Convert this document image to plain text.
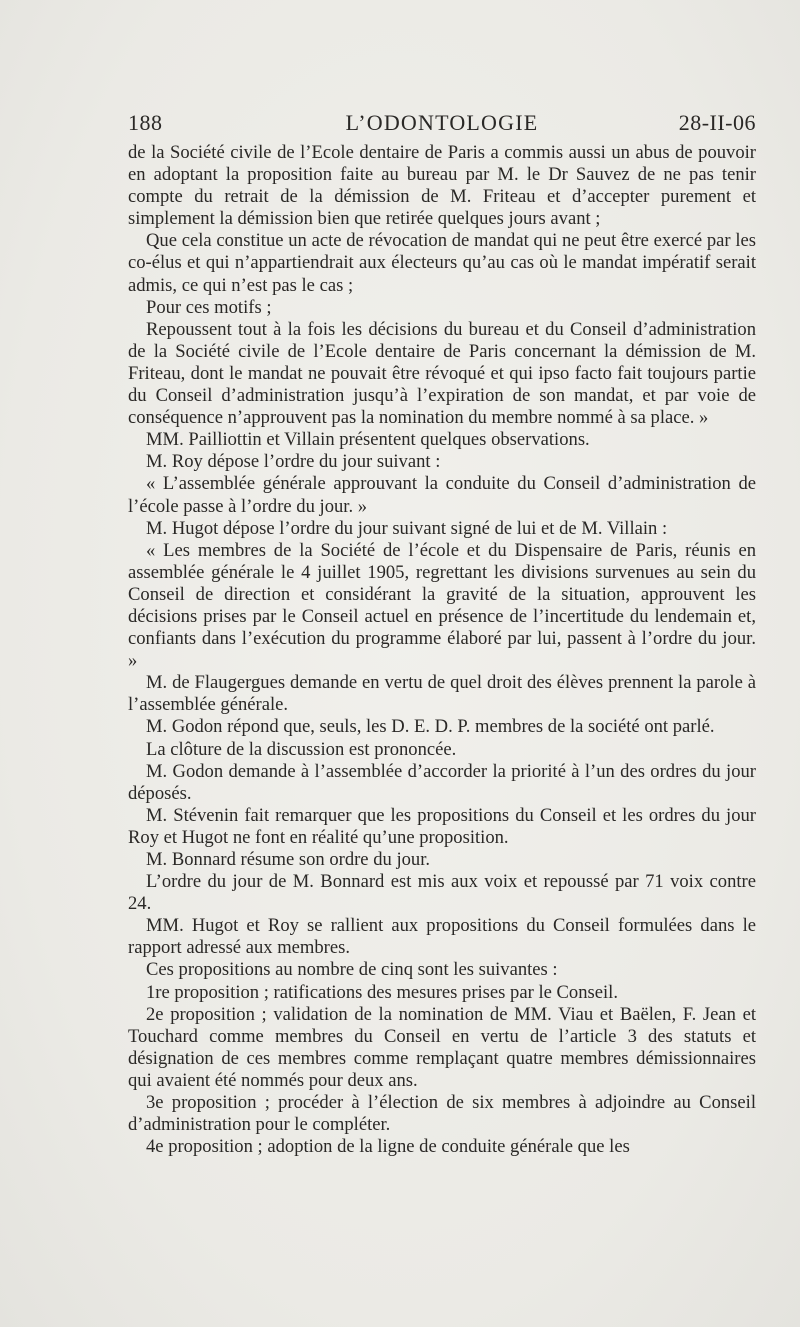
188	L’ODONTOLOGIE	28-II-06

de la Société civile de l’Ecole dentaire de Paris a commis aussi un abus de pouvoir en adoptant la proposition faite au bureau par M. le Dr Sauvez de ne pas tenir compte du retrait de la démission de M. Friteau et d’accepter purement et simplement la démission bien que retirée quelques jours avant ;

Que cela constitue un acte de révocation de mandat qui ne peut être exercé par les co-élus et qui n’appartiendrait aux électeurs qu’au cas où le mandat impératif serait admis, ce qui n’est pas le cas ;

Pour ces motifs ;

Repoussent tout à la fois les décisions du bureau et du Conseil d’administration de la Société civile de l’Ecole dentaire de Paris concernant la démission de M. Friteau, dont le mandat ne pouvait être révoqué et qui ipso facto fait toujours partie du Conseil d’administration jusqu’à l’expiration de son mandat, et par voie de conséquence n’approuvent pas la nomination du membre nommé à sa place. »

MM. Pailliottin et Villain présentent quelques observations.

M. Roy dépose l’ordre du jour suivant :

« L’assemblée générale approuvant la conduite du Conseil d’administration de l’école passe à l’ordre du jour. »

M. Hugot dépose l’ordre du jour suivant signé de lui et de M. Villain :

« Les membres de la Société de l’école et du Dispensaire de Paris, réunis en assemblée générale le 4 juillet 1905, regrettant les divisions survenues au sein du Conseil de direction et considérant la gravité de la situation, approuvent les décisions prises par le Conseil actuel en présence de l’incertitude du lendemain et, confiants dans l’exécution du programme élaboré par lui, passent à l’ordre du jour. »

M. de Flaugergues demande en vertu de quel droit des élèves prennent la parole à l’assemblée générale.

M. Godon répond que, seuls, les D. E. D. P. membres de la société ont parlé.

La clôture de la discussion est prononcée.

M. Godon demande à l’assemblée d’accorder la priorité à l’un des ordres du jour déposés.

M. Stévenin fait remarquer que les propositions du Conseil et les ordres du jour Roy et Hugot ne font en réalité qu’une proposition.

M. Bonnard résume son ordre du jour.

L’ordre du jour de M. Bonnard est mis aux voix et repoussé par 71 voix contre 24.

MM. Hugot et Roy se rallient aux propositions du Conseil formulées dans le rapport adressé aux membres.

Ces propositions au nombre de cinq sont les suivantes :

1re proposition ; ratifications des mesures prises par le Conseil.

2e proposition ; validation de la nomination de MM. Viau et Baëlen, F. Jean et Touchard comme membres du Conseil en vertu de l’article 3 des statuts et désignation de ces membres comme remplaçant quatre membres démissionnaires qui avaient été nommés pour deux ans.

3e proposition ; procéder à l’élection de six membres à adjoindre au Conseil d’administration pour le compléter.

4e proposition ; adoption de la ligne de conduite générale que les
